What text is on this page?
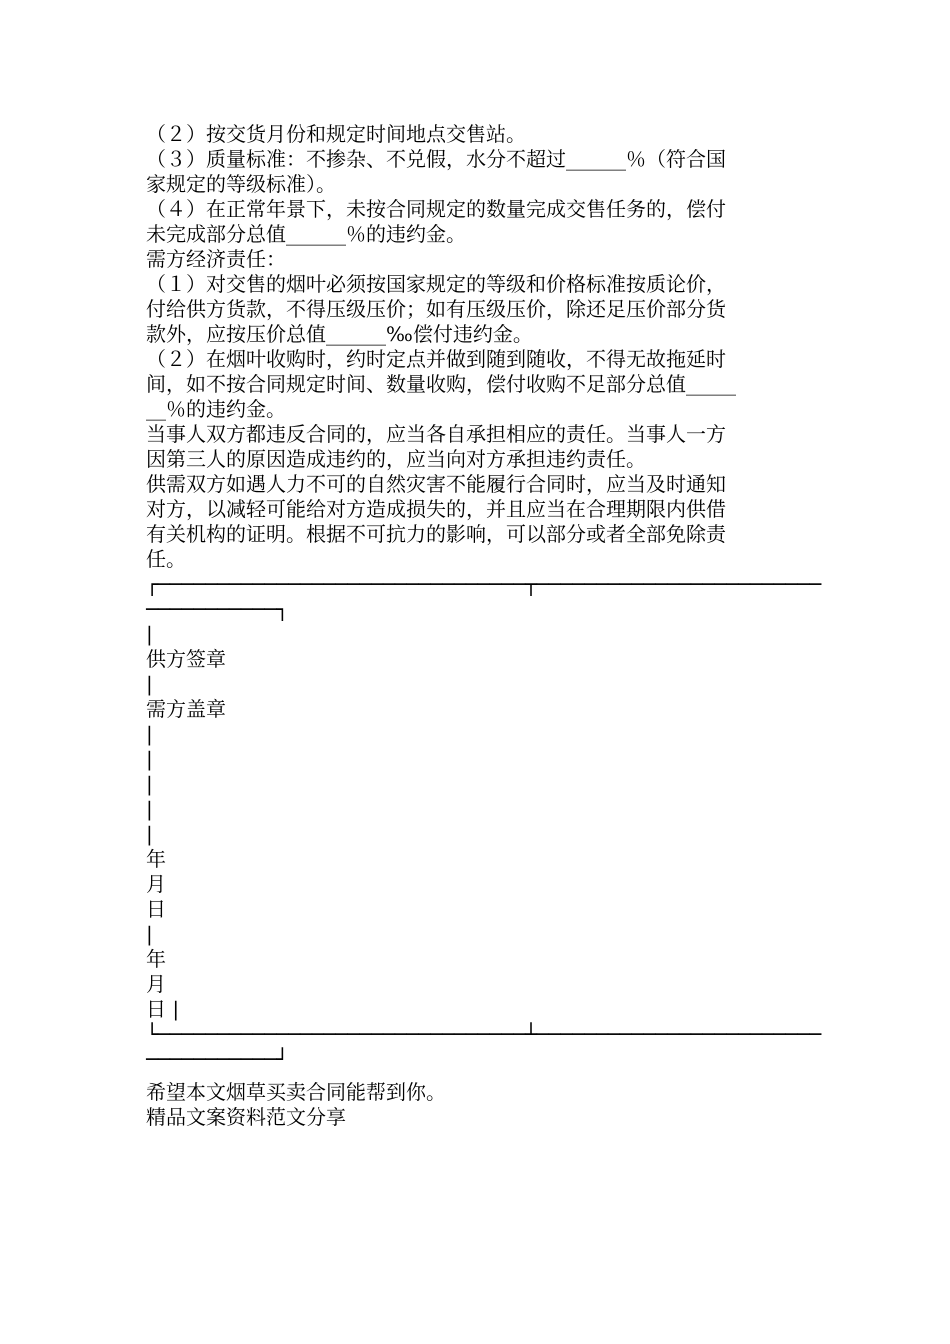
（２）按交货月份和规定时间地点交售站。
（３）质量标准：不掺杂、不兑假，水分不超过______％（符合国
家规定的等级标准）。
（４）在正常年景下，未按合同规定的数量完成交售任务的，偿付
未完成部分总值______％的违约金。
需方经济责任：
（１）对交售的烟叶必须按国家规定的等级和价格标准按质论价，
付给供方货款，不得压级压价；如有压级压价，除还足压价部分货
款外，应按压价总值______‰偿付违约金。
（２）在烟叶收购时，约时定点并做到随到随收，不得无故拖延时
间，如不按合同规定时间、数量收购，偿付收购不足部分总值_____
__％的违约金。
当事人双方都违反合同的，应当各自承担相应的责任。当事人一方
因第三人的原因造成违约的，应当向对方承担违约责任。
供需双方如遇人力不可的自然灾害不能履行合同时，应当及时通知
对方，以减轻可能给对方造成损失的，并且应当在合理期限内供借
有关机构的证明。根据不可抗力的影响，可以部分或者全部免除责
任。
┌───────────────────────────────┬────────────────────────
───────────┐
|
供方签章
|
需方盖章
|
|
|
|
|
年
月
日
|
年
月
日 |
└───────────────────────────────┴────────────────────────
───────────┘
希望本文烟草买卖合同能帮到你。
精品文案资料范文分享
